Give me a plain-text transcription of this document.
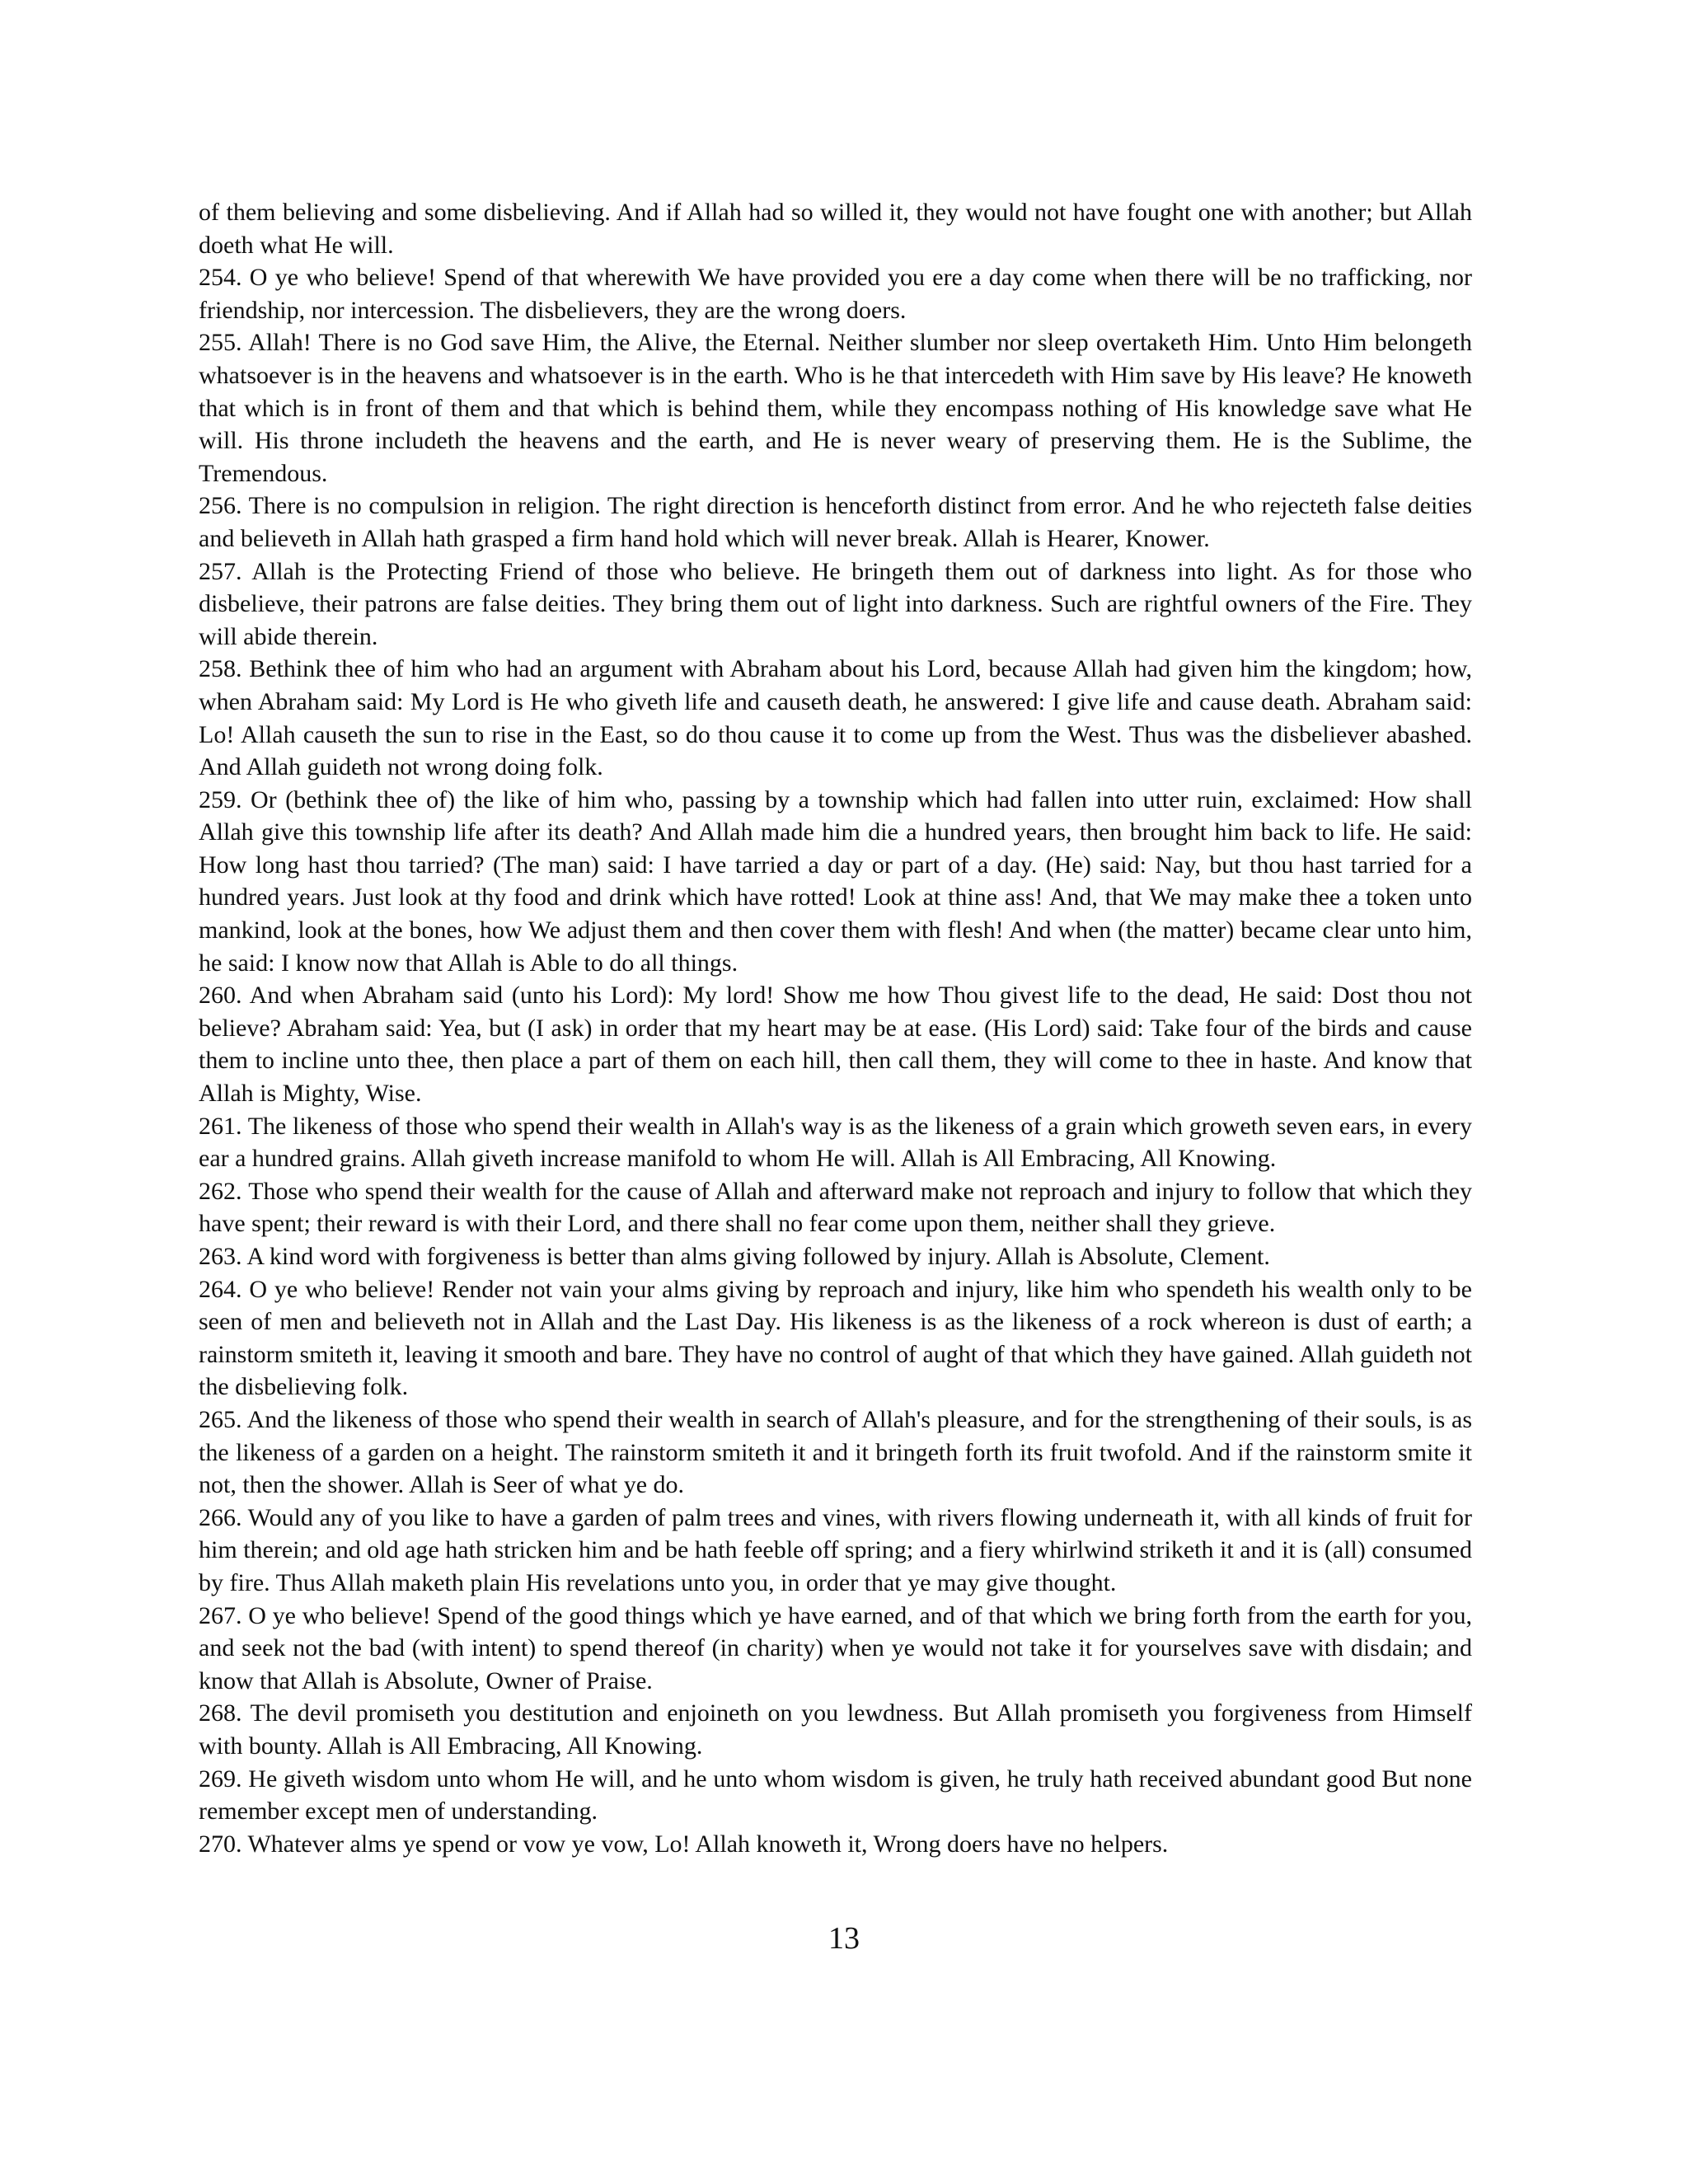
of them believing and some disbelieving. And if Allah had so willed it, they would not have fought one with another; but Allah doeth what He will.

254. O ye who believe! Spend of that wherewith We have provided you ere a day come when there will be no trafficking, nor friendship, nor intercession. The disbelievers, they are the wrong doers.

255. Allah! There is no God save Him, the Alive, the Eternal. Neither slumber nor sleep overtaketh Him. Unto Him belongeth whatsoever is in the heavens and whatsoever is in the earth. Who is he that intercedeth with Him save by His leave? He knoweth that which is in front of them and that which is behind them, while they encompass nothing of His knowledge save what He will. His throne includeth the heavens and the earth, and He is never weary of preserving them. He is the Sublime, the Tremendous.

256. There is no compulsion in religion. The right direction is henceforth distinct from error. And he who rejecteth false deities and believeth in Allah hath grasped a firm hand hold which will never break. Allah is Hearer, Knower.

257. Allah is the Protecting Friend of those who believe. He bringeth them out of darkness into light. As for those who disbelieve, their patrons are false deities. They bring them out of light into darkness. Such are rightful owners of the Fire. They will abide therein.

258. Bethink thee of him who had an argument with Abraham about his Lord, because Allah had given him the kingdom; how, when Abraham said: My Lord is He who giveth life and causeth death, he answered: I give life and cause death. Abraham said: Lo! Allah causeth the sun to rise in the East, so do thou cause it to come up from the West. Thus was the disbeliever abashed. And Allah guideth not wrong doing folk.

259. Or (bethink thee of) the like of him who, passing by a township which had fallen into utter ruin, exclaimed: How shall Allah give this township life after its death? And Allah made him die a hundred years, then brought him back to life. He said: How long hast thou tarried? (The man) said: I have tarried a day or part of a day. (He) said: Nay, but thou hast tarried for a hundred years. Just look at thy food and drink which have rotted! Look at thine ass! And, that We may make thee a token unto mankind, look at the bones, how We adjust them and then cover them with flesh! And when (the matter) became clear unto him, he said: I know now that Allah is Able to do all things.

260. And when Abraham said (unto his Lord): My lord! Show me how Thou givest life to the dead, He said: Dost thou not believe? Abraham said: Yea, but (I ask) in order that my heart may be at ease. (His Lord) said: Take four of the birds and cause them to incline unto thee, then place a part of them on each hill, then call them, they will come to thee in haste. And know that Allah is Mighty, Wise.

261. The likeness of those who spend their wealth in Allah's way is as the likeness of a grain which groweth seven ears, in every ear a hundred grains. Allah giveth increase manifold to whom He will. Allah is All Embracing, All Knowing.

262. Those who spend their wealth for the cause of Allah and afterward make not reproach and injury to follow that which they have spent; their reward is with their Lord, and there shall no fear come upon them, neither shall they grieve.

263. A kind word with forgiveness is better than alms giving followed by injury. Allah is Absolute, Clement.

264. O ye who believe! Render not vain your alms giving by reproach and injury, like him who spendeth his wealth only to be seen of men and believeth not in Allah and the Last Day. His likeness is as the likeness of a rock whereon is dust of earth; a rainstorm smiteth it, leaving it smooth and bare. They have no control of aught of that which they have gained. Allah guideth not the disbelieving folk.

265. And the likeness of those who spend their wealth in search of Allah's pleasure, and for the strengthening of their souls, is as the likeness of a garden on a height. The rainstorm smiteth it and it bringeth forth its fruit twofold. And if the rainstorm smite it not, then the shower. Allah is Seer of what ye do.

266. Would any of you like to have a garden of palm trees and vines, with rivers flowing underneath it, with all kinds of fruit for him therein; and old age hath stricken him and be hath feeble off spring; and a fiery whirlwind striketh it and it is (all) consumed by fire. Thus Allah maketh plain His revelations unto you, in order that ye may give thought.

267. O ye who believe! Spend of the good things which ye have earned, and of that which we bring forth from the earth for you, and seek not the bad (with intent) to spend thereof (in charity) when ye would not take it for yourselves save with disdain; and know that Allah is Absolute, Owner of Praise.

268. The devil promiseth you destitution and enjoineth on you lewdness. But Allah promiseth you forgiveness from Himself with bounty. Allah is All Embracing, All Knowing.

269. He giveth wisdom unto whom He will, and he unto whom wisdom is given, he truly hath received abundant good But none remember except men of understanding.

270. Whatever alms ye spend or vow ye vow, Lo! Allah knoweth it, Wrong doers have no helpers.

13
